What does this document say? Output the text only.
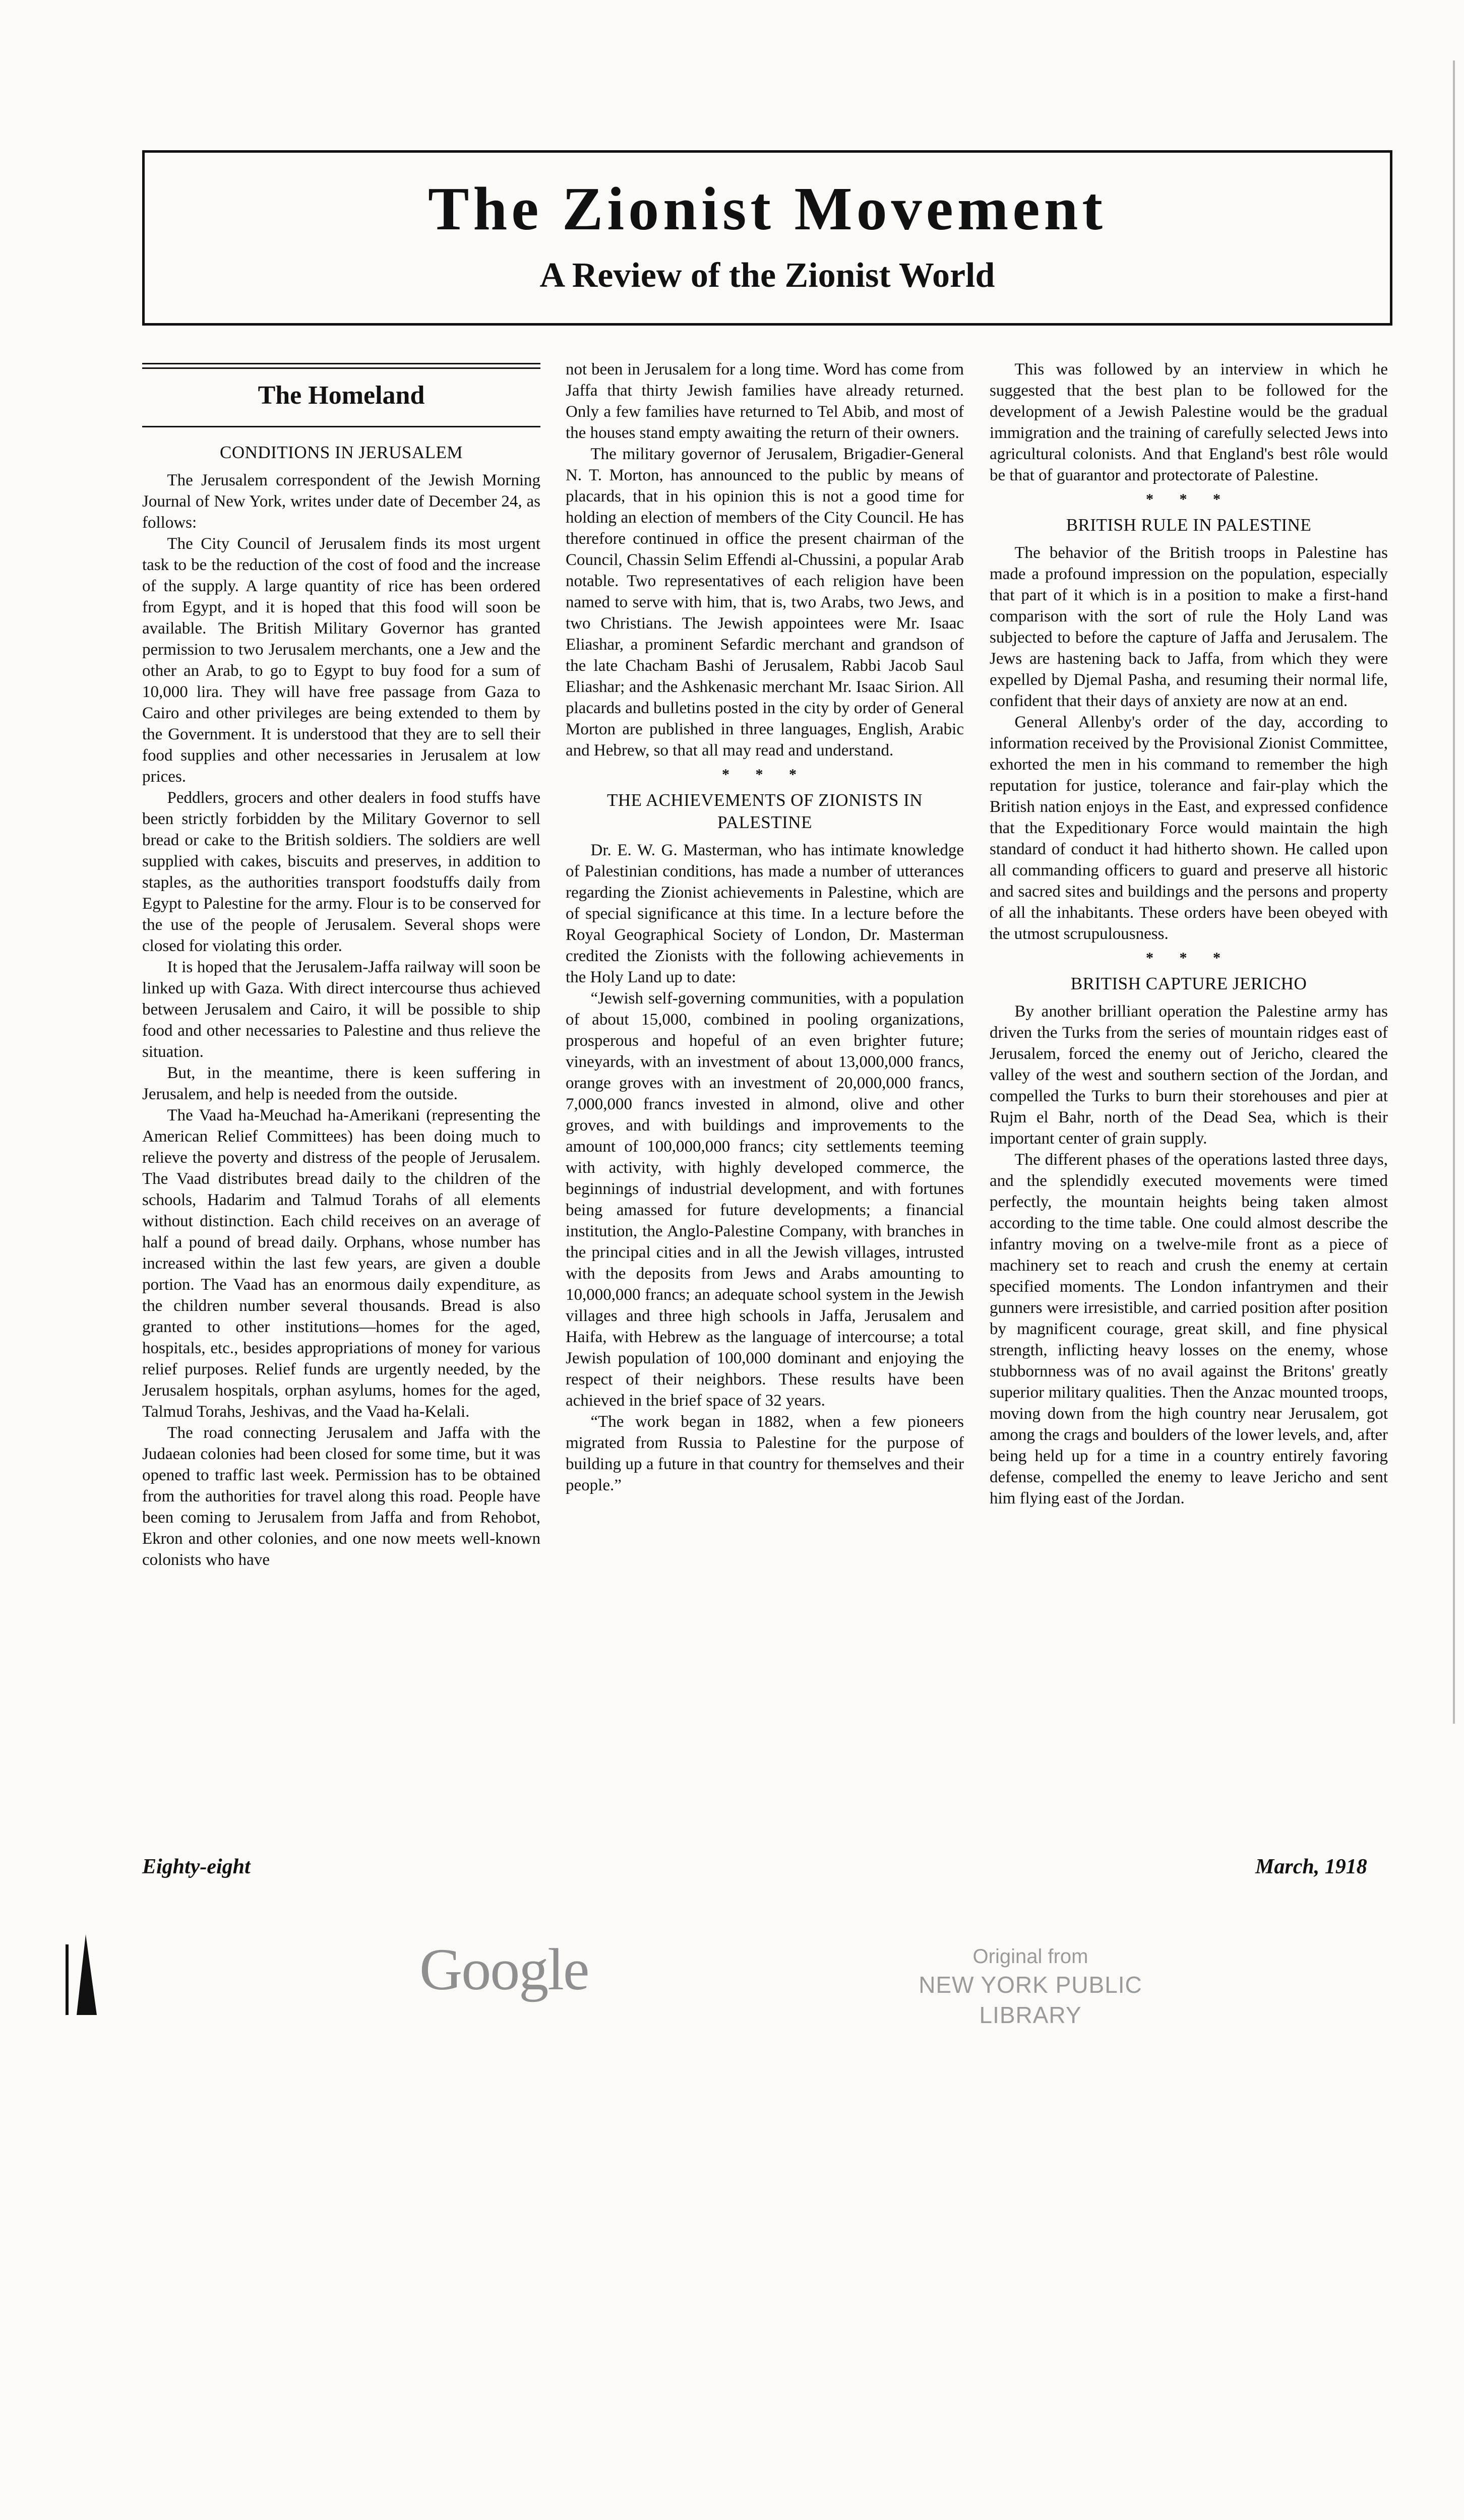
The Zionist Movement
A Review of the Zionist World
The Homeland
CONDITIONS IN JERUSALEM

The Jerusalem correspondent of the Jewish Morning Journal of New York, writes under date of December 24, as follows:

The City Council of Jerusalem finds its most urgent task to be the reduction of the cost of food and the increase of the supply. A large quantity of rice has been ordered from Egypt, and it is hoped that this food will soon be available. The British Military Governor has granted permission to two Jerusalem merchants, one a Jew and the other an Arab, to go to Egypt to buy food for a sum of 10,000 lira. They will have free passage from Gaza to Cairo and other privileges are being extended to them by the Government. It is understood that they are to sell their food supplies and other necessaries in Jerusalem at low prices.

Peddlers, grocers and other dealers in food stuffs have been strictly forbidden by the Military Governor to sell bread or cake to the British soldiers. The soldiers are well supplied with cakes, biscuits and preserves, in addition to staples, as the authorities transport foodstuffs daily from Egypt to Palestine for the army. Flour is to be conserved for the use of the people of Jerusalem. Several shops were closed for violating this order.

It is hoped that the Jerusalem-Jaffa railway will soon be linked up with Gaza. With direct intercourse thus achieved between Jerusalem and Cairo, it will be possible to ship food and other necessaries to Palestine and thus relieve the situation.

But, in the meantime, there is keen suffering in Jerusalem, and help is needed from the outside.

The Vaad ha-Meuchad ha-Amerikani (representing the American Relief Committees) has been doing much to relieve the poverty and distress of the people of Jerusalem. The Vaad distributes bread daily to the children of the schools, Hadarim and Talmud Torahs of all elements without distinction. Each child receives on an average of half a pound of bread daily. Orphans, whose number has increased within the last few years, are given a double portion. The Vaad has an enormous daily expenditure, as the children number several thousands. Bread is also granted to other institutions—homes for the aged, hospitals, etc., besides appropriations of money for various relief purposes. Relief funds are urgently needed, by the Jerusalem hospitals, orphan asylums, homes for the aged, Talmud Torahs, Jeshivas, and the Vaad ha-Kelali.

The road connecting Jerusalem and Jaffa with the Judaean colonies had been closed for some time, but it was opened to traffic last week. Permission has to be obtained from the authorities for travel along this road. People have been coming to Jerusalem from Jaffa and from Rehobot, Ekron and other colonies, and one now meets well-known colonists who have

not been in Jerusalem for a long time. Word has come from Jaffa that thirty Jewish families have already returned. Only a few families have returned to Tel Abib, and most of the houses stand empty awaiting the return of their owners.

The military governor of Jerusalem, Brigadier-General N. T. Morton, has announced to the public by means of placards, that in his opinion this is not a good time for holding an election of members of the City Council. He has therefore continued in office the present chairman of the Council, Chassin Selim Effendi al-Chussini, a popular Arab notable. Two representatives of each religion have been named to serve with him, that is, two Arabs, two Jews, and two Christians. The Jewish appointees were Mr. Isaac Eliashar, a prominent Sefardic merchant and grandson of the late Chacham Bashi of Jerusalem, Rabbi Jacob Saul Eliashar; and the Ashkenasic merchant Mr. Isaac Sirion. All placards and bulletins posted in the city by order of General Morton are published in three languages, English, Arabic and Hebrew, so that all may read and understand.

* * *
THE ACHIEVEMENTS OF ZIONISTS IN PALESTINE

Dr. E. W. G. Masterman, who has intimate knowledge of Palestinian conditions, has made a number of utterances regarding the Zionist achievements in Palestine, which are of special significance at this time. In a lecture before the Royal Geographical Society of London, Dr. Masterman credited the Zionists with the following achievements in the Holy Land up to date:

“Jewish self-governing communities, with a population of about 15,000, combined in pooling organizations, prosperous and hopeful of an even brighter future; vineyards, with an investment of about 13,000,000 francs, orange groves with an investment of 20,000,000 francs, 7,000,000 francs invested in almond, olive and other groves, and with buildings and improvements to the amount of 100,000,000 francs; city settlements teeming with activity, with highly developed commerce, the beginnings of industrial development, and with fortunes being amassed for future developments; a financial institution, the Anglo-Palestine Company, with branches in the principal cities and in all the Jewish villages, intrusted with the deposits from Jews and Arabs amounting to 10,000,000 francs; an adequate school system in the Jewish villages and three high schools in Jaffa, Jerusalem and Haifa, with Hebrew as the language of intercourse; a total Jewish population of 100,000 dominant and enjoying the respect of their neighbors. These results have been achieved in the brief space of 32 years.

“The work began in 1882, when a few pioneers migrated from Russia to Palestine for the purpose of building up a future in that country for themselves and their people.”

This was followed by an interview in which he suggested that the best plan to be followed for the development of a Jewish Palestine would be the gradual immigration and the training of carefully selected Jews into agricultural colonists. And that England's best rôle would be that of guarantor and protectorate of Palestine.

* * *
BRITISH RULE IN PALESTINE

The behavior of the British troops in Palestine has made a profound impression on the population, especially that part of it which is in a position to make a first-hand comparison with the sort of rule the Holy Land was subjected to before the capture of Jaffa and Jerusalem. The Jews are hastening back to Jaffa, from which they were expelled by Djemal Pasha, and resuming their normal life, confident that their days of anxiety are now at an end.

General Allenby's order of the day, according to information received by the Provisional Zionist Committee, exhorted the men in his command to remember the high reputation for justice, tolerance and fair-play which the British nation enjoys in the East, and expressed confidence that the Expeditionary Force would maintain the high standard of conduct it had hitherto shown. He called upon all commanding officers to guard and preserve all historic and sacred sites and buildings and the persons and property of all the inhabitants. These orders have been obeyed with the utmost scrupulousness.

* * *
BRITISH CAPTURE JERICHO

By another brilliant operation the Palestine army has driven the Turks from the series of mountain ridges east of Jerusalem, forced the enemy out of Jericho, cleared the valley of the west and southern section of the Jordan, and compelled the Turks to burn their storehouses and pier at Rujm el Bahr, north of the Dead Sea, which is their important center of grain supply.

The different phases of the operations lasted three days, and the splendidly executed movements were timed perfectly, the mountain heights being taken almost according to the time table. One could almost describe the infantry moving on a twelve-mile front as a piece of machinery set to reach and crush the enemy at certain specified moments. The London infantrymen and their gunners were irresistible, and carried position after position by magnificent courage, great skill, and fine physical strength, inflicting heavy losses on the enemy, whose stubbornness was of no avail against the Britons' greatly superior military qualities. Then the Anzac mounted troops, moving down from the high country near Jerusalem, got among the crags and boulders of the lower levels, and, after being held up for a time in a country entirely favoring defense, compelled the enemy to leave Jericho and sent him flying east of the Jordan.

Eighty-eight	March, 1918
Google	Original from
NEW YORK PUBLIC LIBRARY
